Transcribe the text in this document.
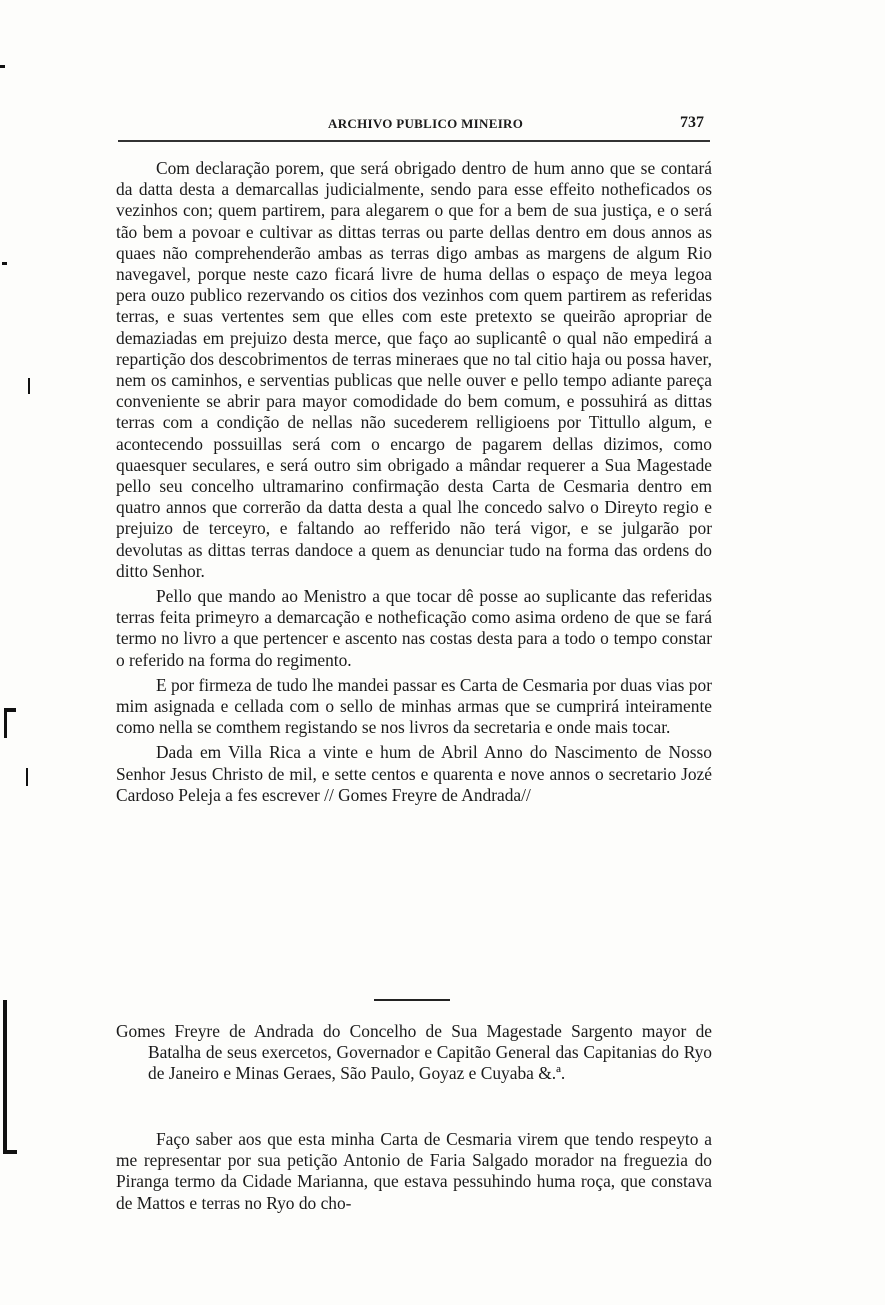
ARCHIVO PUBLICO MINEIRO	737

Com declaração porem, que será obrigado dentro de hum anno que se contará da datta desta a demarcallas judicialmente, sendo para esse effeito notheficados os vezinhos con; quem partirem, para alegarem o que for a bem de sua justiça, e o será tão bem a povoar e cultivar as dittas terras ou parte dellas dentro em dous annos as quaes não comprehenderão ambas as terras digo ambas as margens de algum Rio navegavel, porque neste cazo ficará livre de huma dellas o espaço de meya legoa pera ouzo publico rezervando os citios dos vezinhos com quem partirem as referidas terras, e suas vertentes sem que elles com este pretexto se queirão apropriar de demaziadas em prejuizo desta merce, que faço ao suplicantê o qual não empedirá a repartição dos descobrimentos de terras mineraes que no tal citio haja ou possa haver, nem os caminhos, e serventias publicas que nelle ouver e pello tempo adiante pareça conveniente se abrir para mayor comodidade do bem comum, e possuhirá as dittas terras com a condição de nellas não sucederem relligioens por Tittullo algum, e acontecendo possuillas será com o encargo de pagarem dellas dizimos, como quaesquer seculares, e será outro sim obrigado a mândar requerer a Sua Magestade pello seu concelho ultramarino confirmação desta Carta de Cesmaria dentro em quatro annos que correrão da datta desta a qual lhe concedo salvo o Direyto regio e prejuizo de terceyro, e faltando ao refferido não terá vigor, e se julgarão por devolutas as dittas terras dandoce a quem as denunciar tudo na forma das ordens do ditto Senhor.

Pello que mando ao Menistro a que tocar dê posse ao suplicante das referidas terras feita primeyro a demarcação e notheficação como asima ordeno de que se fará termo no livro a que pertencer e ascento nas costas desta para a todo o tempo constar o referido na forma do regimento.

E por firmeza de tudo lhe mandei passar es Carta de Cesmaria por duas vias por mim asignada e cellada com o sello de minhas armas que se cumprirá inteiramente como nella se comthem registando se nos livros da secretaria e onde mais tocar.

Dada em Villa Rica a vinte e hum de Abril Anno do Nascimento de Nosso Senhor Jesus Christo de mil, e sette centos e quarenta e nove annos o secretario Jozé Cardoso Peleja a fes escrever // Gomes Freyre de Andrada//

Gomes Freyre de Andrada do Concelho de Sua Magestade Sargento mayor de Batalha de seus exercetos, Governador e Capitão General das Capitanias do Ryo de Janeiro e Minas Geraes, São Paulo, Goyaz e Cuyaba &.ª.

Faço saber aos que esta minha Carta de Cesmaria virem que tendo respeyto a me representar por sua petição Antonio de Faria Salgado morador na freguezia do Piranga termo da Cidade Marianna, que estava pessuhindo huma roça, que constava de Mattos e terras no Ryo do cho-
